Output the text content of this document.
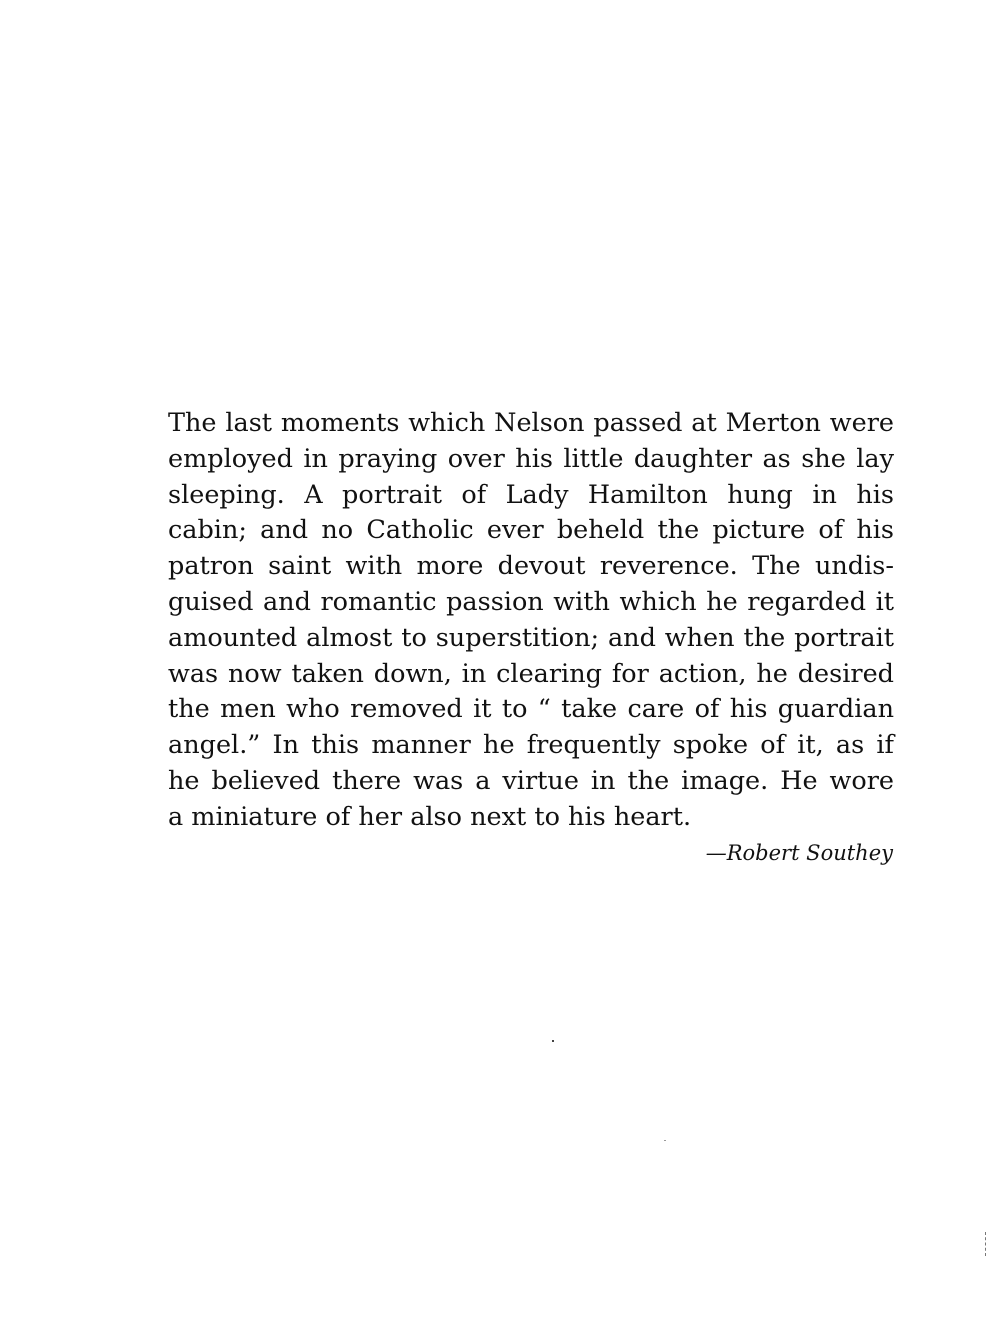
The last moments which Nelson passed at Merton were
employed in praying over his little daughter as she lay
sleeping. A portrait of Lady Hamilton hung in his
cabin; and no Catholic ever beheld the picture of his
patron saint with more devout reverence. The undis-
guised and romantic passion with which he regarded it
amounted almost to superstition; and when the portrait
was now taken down, in clearing for action, he desired
the men who removed it to “ take care of his guardian
angel.” In this manner he frequently spoke of it, as if
he believed there was a virtue in the image. He wore
a miniature of her also next to his heart.

—Robert Southey
